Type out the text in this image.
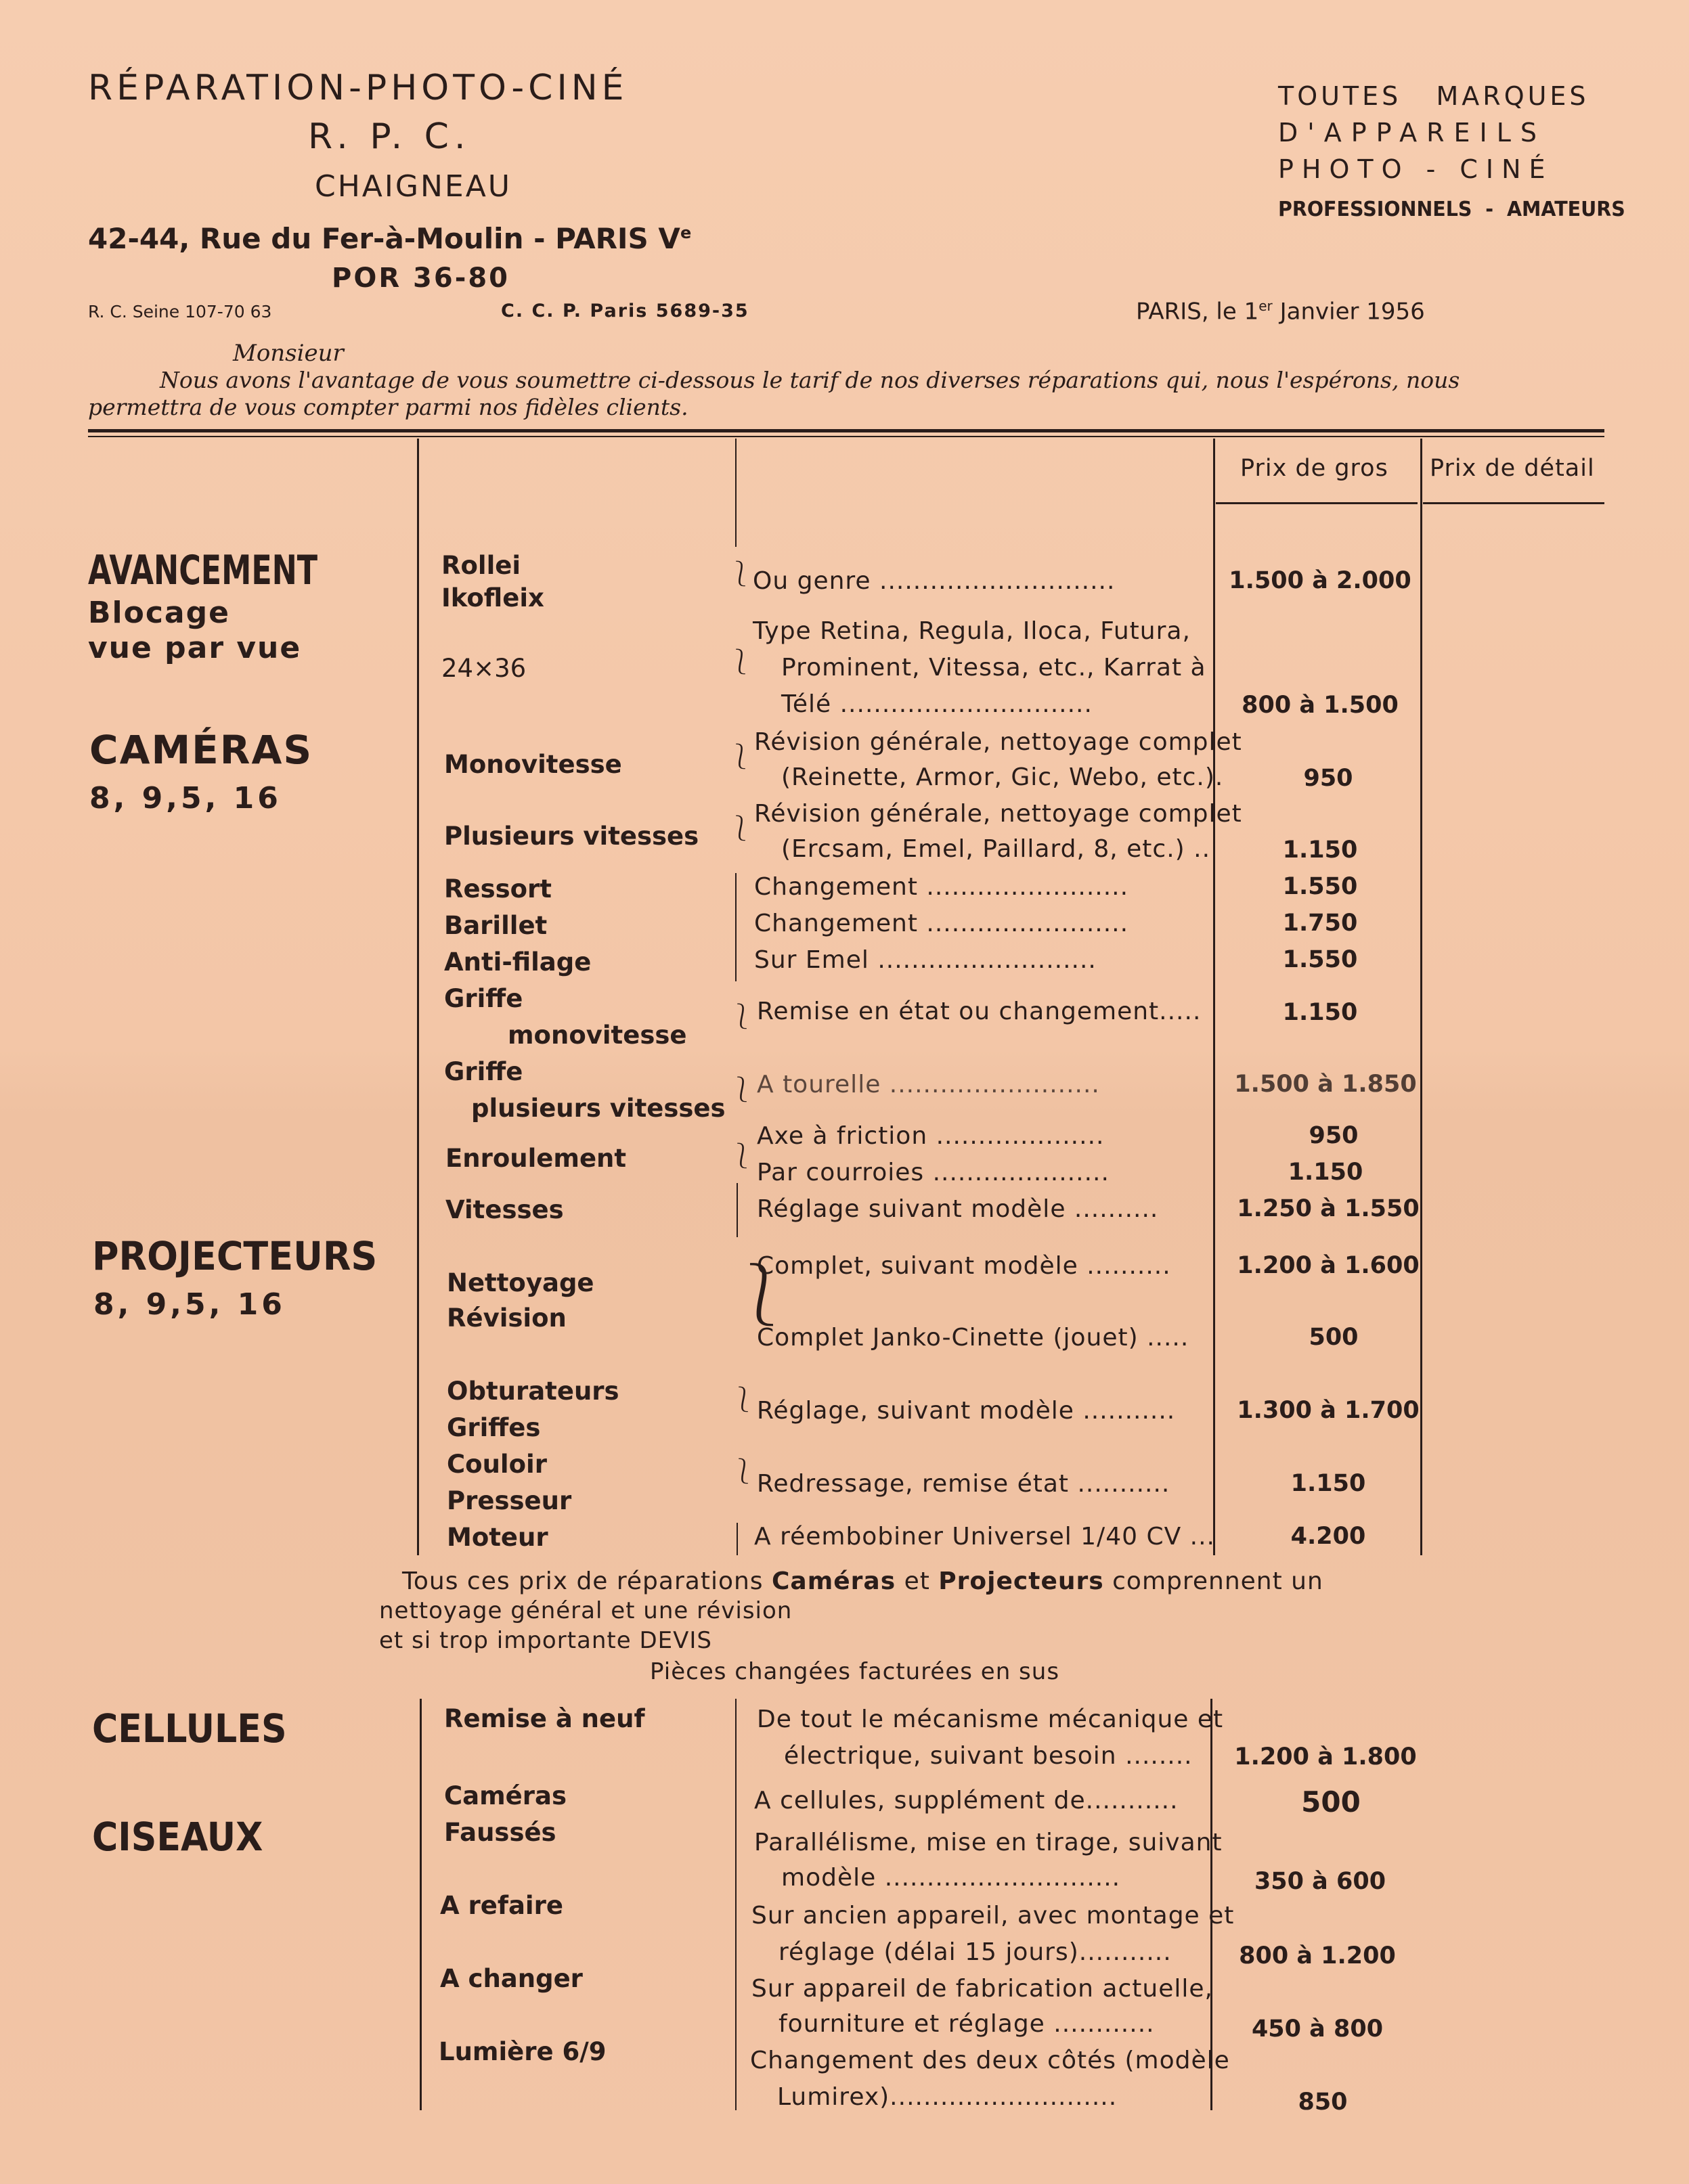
RÉPARATION-PHOTO-CINÉ
R. P. C.
CHAIGNEAU
42-44, Rue du Fer-à-Moulin - PARIS Ve
POR 36-80
R. C. Seine 107-70 63	C. C. P. Paris 5689-35
TOUTES   MARQUES
D'APPAREILS
PHOTO - CINÉ
PROFESSIONNELS  -  AMATEURS
PARIS, le 1er Janvier 1956
Monsieur
Nous avons l'avantage de vous soumettre ci-dessous le tarif de nos diverses réparations qui, nous l'espérons, nous
permettra de vous compter parmi nos fidèles clients.
Prix de gros Prix de détail
AVANCEMENT
Blocage
vue par vue
CAMÉRAS
8, 9,5, 16
PROJECTEURS
8, 9,5, 16
CELLULES
CISEAUX
Rollei
Ikofleix
24×36
Monovitesse
Plusieurs vitesses
Ressort
Barillet
Anti-filage
Griffe
monovitesse
Griffe
plusieurs vitesses
Enroulement
Vitesses
Nettoyage
Révision
Obturateurs
Griffes
Couloir
Presseur
Moteur
Remise à neuf
Caméras
Faussés
A refaire
A changer
Lumière 6/9
⎱
⎱
⎱
⎱
⎱
⎱
⎱
⎱
⎱
⎱
Ou genre ............................
Type Retina, Regula, Iloca, Futura,
Prominent, Vitessa, etc., Karrat à
Télé ..............................
Révision générale, nettoyage complet
(Reinette, Armor, Gic, Webo, etc.).
Révision générale, nettoyage complet
(Ercsam, Emel, Paillard, 8, etc.) ..
Changement ........................
Changement ........................
Sur Emel ..........................
Remise en état ou changement.....
A tourelle .........................
Axe à friction ....................
Par courroies .....................
Réglage suivant modèle ..........
Complet, suivant modèle ..........
Complet Janko-Cinette (jouet) .....
Réglage, suivant modèle ...........
Redressage, remise état ...........
A réembobiner Universel 1/40 CV ...
De tout le mécanisme mécanique et
électrique, suivant besoin ........
A cellules, supplément de...........
Parallélisme, mise en tirage, suivant
modèle ............................
Sur ancien appareil, avec montage et
réglage (délai 15 jours)...........
Sur appareil de fabrication actuelle,
fourniture et réglage ............
Changement des deux côtés (modèle
Lumirex)...........................
1.500 à 2.000
800 à 1.500
950
1.150
1.550
1.750
1.550
1.150
1.500 à 1.850
950
1.150
1.250 à 1.550
1.200 à 1.600
500
1.300 à 1.700
1.150
4.200
1.200 à 1.800
500
350 à 600
800 à 1.200
450 à 800
850
Tous ces prix de réparations Caméras et Projecteurs comprennent un
nettoyage général et une révision
et si trop importante DEVIS
Pièces changées facturées en sus
